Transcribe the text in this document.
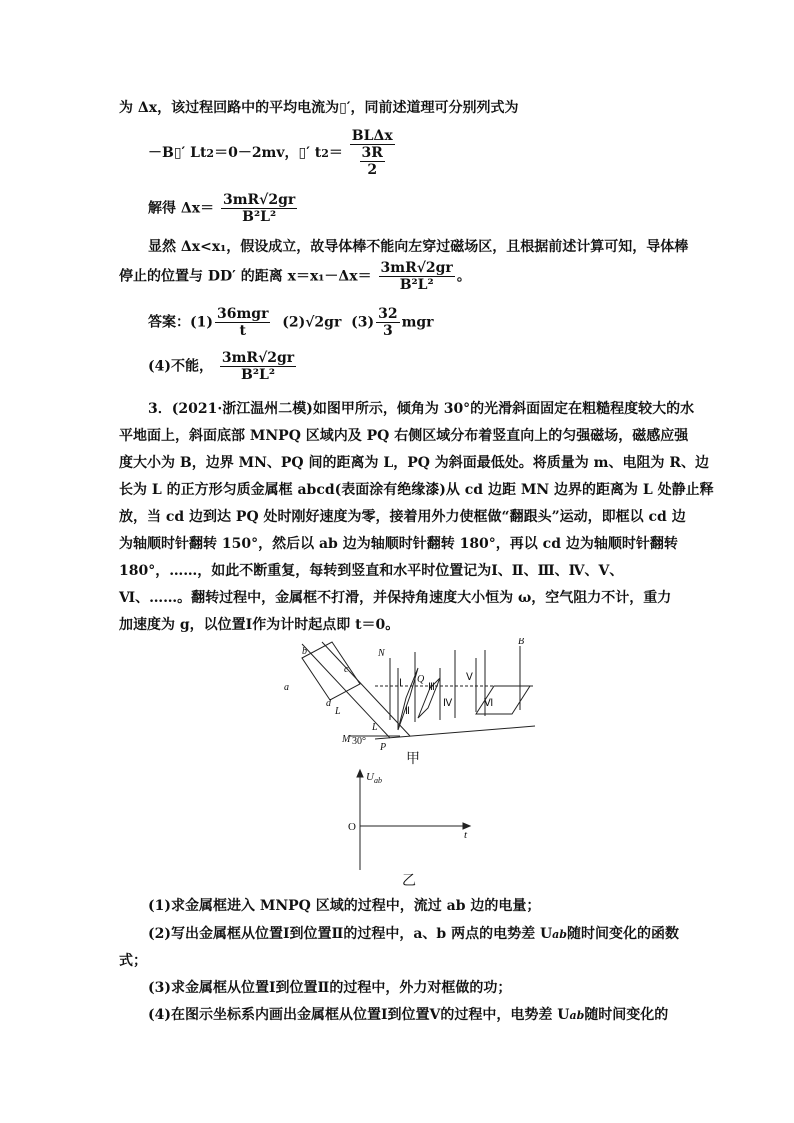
为 Δx，该过程回路中的平均电流为▯′，同前述道理可分别列式为
－B▯′ Lt2＝0－2mv，▯′ $t2= \frac{\text{BLΔx}}{\frac{3R}{2}}$
解得 $\Delta x= \frac{3mR√2gr}{\text{B²L²}}$
显然 Δx<x₁，假设成立，故导体棒不能向左穿过磁场区，且根据前述计算可知，导体棒
停止的位置与 DD′ 的距离 $x=x_1-\Delta x= \frac{3mR√2gr}{\text{B²L²}}$ 。
答案：$(1) \frac{\text{36mgr}}{t} (2)√2gr$ $(3) \frac{32}{3}$ mgr
(4)不能， $\frac{3mR√2gr}{\text{B²L²}}$
3．(2021·浙江温州二模)如图甲所示，倾角为 30°的光滑斜面固定在粗糙程度较大的水
平地面上，斜面底部 MNPQ 区域内及 PQ 右侧区域分布着竖直向上的匀强磁场，磁感应强
度大小为 B，边界 MN、PQ 间的距离为 L，PQ 为斜面最低处。将质量为 m、电阻为 R、边
长为 L 的正方形匀质金属框 abcd(表面涂有绝缘漆)从 cd 边距 MN 边界的距离为 L 处静止释
放，当 cd 边到达 PQ 处时刚好速度为零，接着用外力使框做“翻跟头”运动，即框以 cd 边
为轴顺时针翻转 150°，然后以 ab 边为轴顺时针翻转 180°，再以 cd 边为轴顺时针翻转
180°，……，如此不断重复，每转到竖直和水平时位置记为Ⅰ、Ⅱ、Ⅲ、Ⅳ、Ⅴ、
Ⅵ、……。翻转过程中，金属框不打滑，并保持角速度大小恒为 ω，空气阻力不计，重力
加速度为 g，以位置Ⅰ作为计时起点即 t＝0。
N
M 30°
P
Q
B
L
L
a
b
c
d
Ⅰ
Ⅱ
Ⅲ
Ⅳ
Ⅴ
Ⅵ
甲
$U_{ab}$
O
t
乙
(1)求金属框进入 MNPQ 区域的过程中，流过 ab 边的电量；
(2)写出金属框从位置Ⅰ到位置Ⅱ的过程中，a、b 两点的电势差 Uab随时间变化的函数
式；
(3)求金属框从位置Ⅰ到位置Ⅱ的过程中，外力对框做的功；
(4)在图示坐标系内画出金属框从位置Ⅰ到位置Ⅴ的过程中，电势差 Uab随时间变化的
